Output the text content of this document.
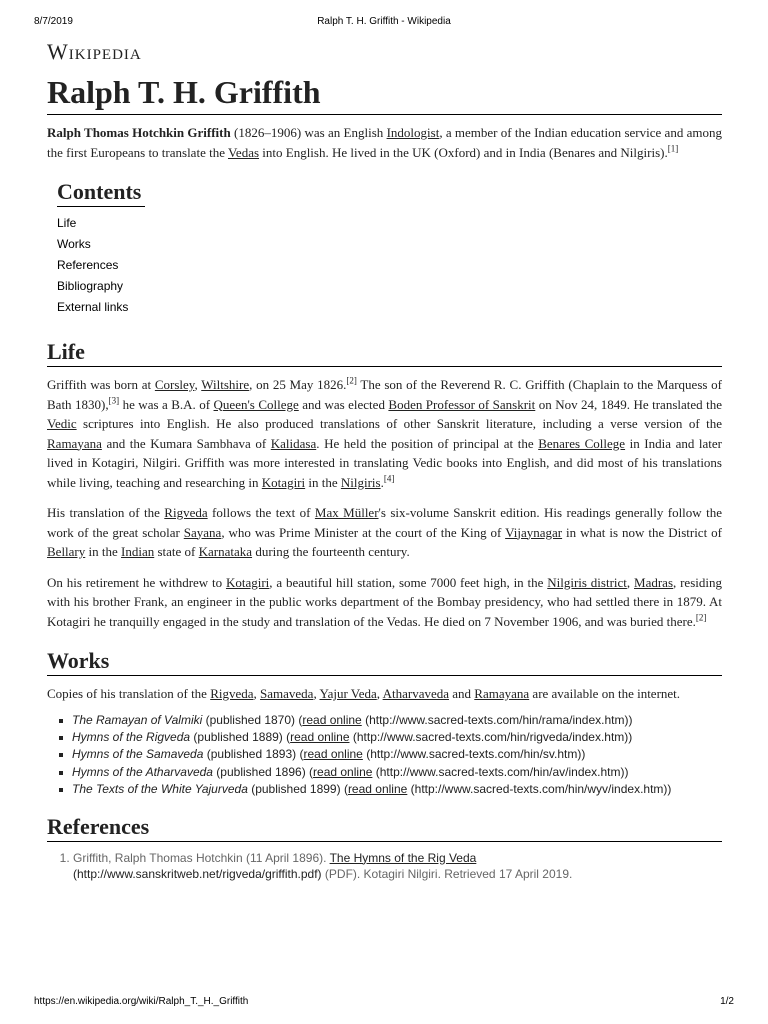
8/7/2019	Ralph T. H. Griffith - Wikipedia
Wikipedia
Ralph T. H. Griffith

Ralph Thomas Hotchkin Griffith (1826–1906) was an English Indologist, a member of the Indian education service and among the first Europeans to translate the Vedas into English. He lived in the UK (Oxford) and in India (Benares and Nilgiris).[1]

Contents
Life
Works
References
Bibliography
External links
Life

Griffith was born at Corsley, Wiltshire, on 25 May 1826.[2] The son of the Reverend R. C. Griffith (Chaplain to the Marquess of Bath 1830),[3] he was a B.A. of Queen's College and was elected Boden Professor of Sanskrit on Nov 24, 1849. He translated the Vedic scriptures into English. He also produced translations of other Sanskrit literature, including a verse version of the Ramayana and the Kumara Sambhava of Kalidasa. He held the position of principal at the Benares College in India and later lived in Kotagiri, Nilgiri. Griffith was more interested in translating Vedic books into English, and did most of his translations while living, teaching and researching in Kotagiri in the Nilgiris.[4]

His translation of the Rigveda follows the text of Max Müller's six-volume Sanskrit edition. His readings generally follow the work of the great scholar Sayana, who was Prime Minister at the court of the King of Vijaynagar in what is now the District of Bellary in the Indian state of Karnataka during the fourteenth century.

On his retirement he withdrew to Kotagiri, a beautiful hill station, some 7000 feet high, in the Nilgiris district, Madras, residing with his brother Frank, an engineer in the public works department of the Bombay presidency, who had settled there in 1879. At Kotagiri he tranquilly engaged in the study and translation of the Vedas. He died on 7 November 1906, and was buried there.[2]

Works

Copies of his translation of the Rigveda, Samaveda, Yajur Veda, Atharvaveda and Ramayana are available on the internet.

The Ramayan of Valmiki (published 1870) (read online (http://www.sacred-texts.com/hin/rama/index.htm))
Hymns of the Rigveda (published 1889) (read online (http://www.sacred-texts.com/hin/rigveda/index.htm))
Hymns of the Samaveda (published 1893) (read online (http://www.sacred-texts.com/hin/sv.htm))
Hymns of the Atharvaveda (published 1896) (read online (http://www.sacred-texts.com/hin/av/index.htm))
The Texts of the White Yajurveda (published 1899) (read online (http://www.sacred-texts.com/hin/wyv/index.htm))
References
1. Griffith, Ralph Thomas Hotchkin (11 April 1896). The Hymns of the Rig Veda (http://www.sanskritweb.net/rigveda/griffith.pdf) (PDF). Kotagiri Nilgiri. Retrieved 17 April 2019.
https://en.wikipedia.org/wiki/Ralph_T._H._Griffith	1/2
